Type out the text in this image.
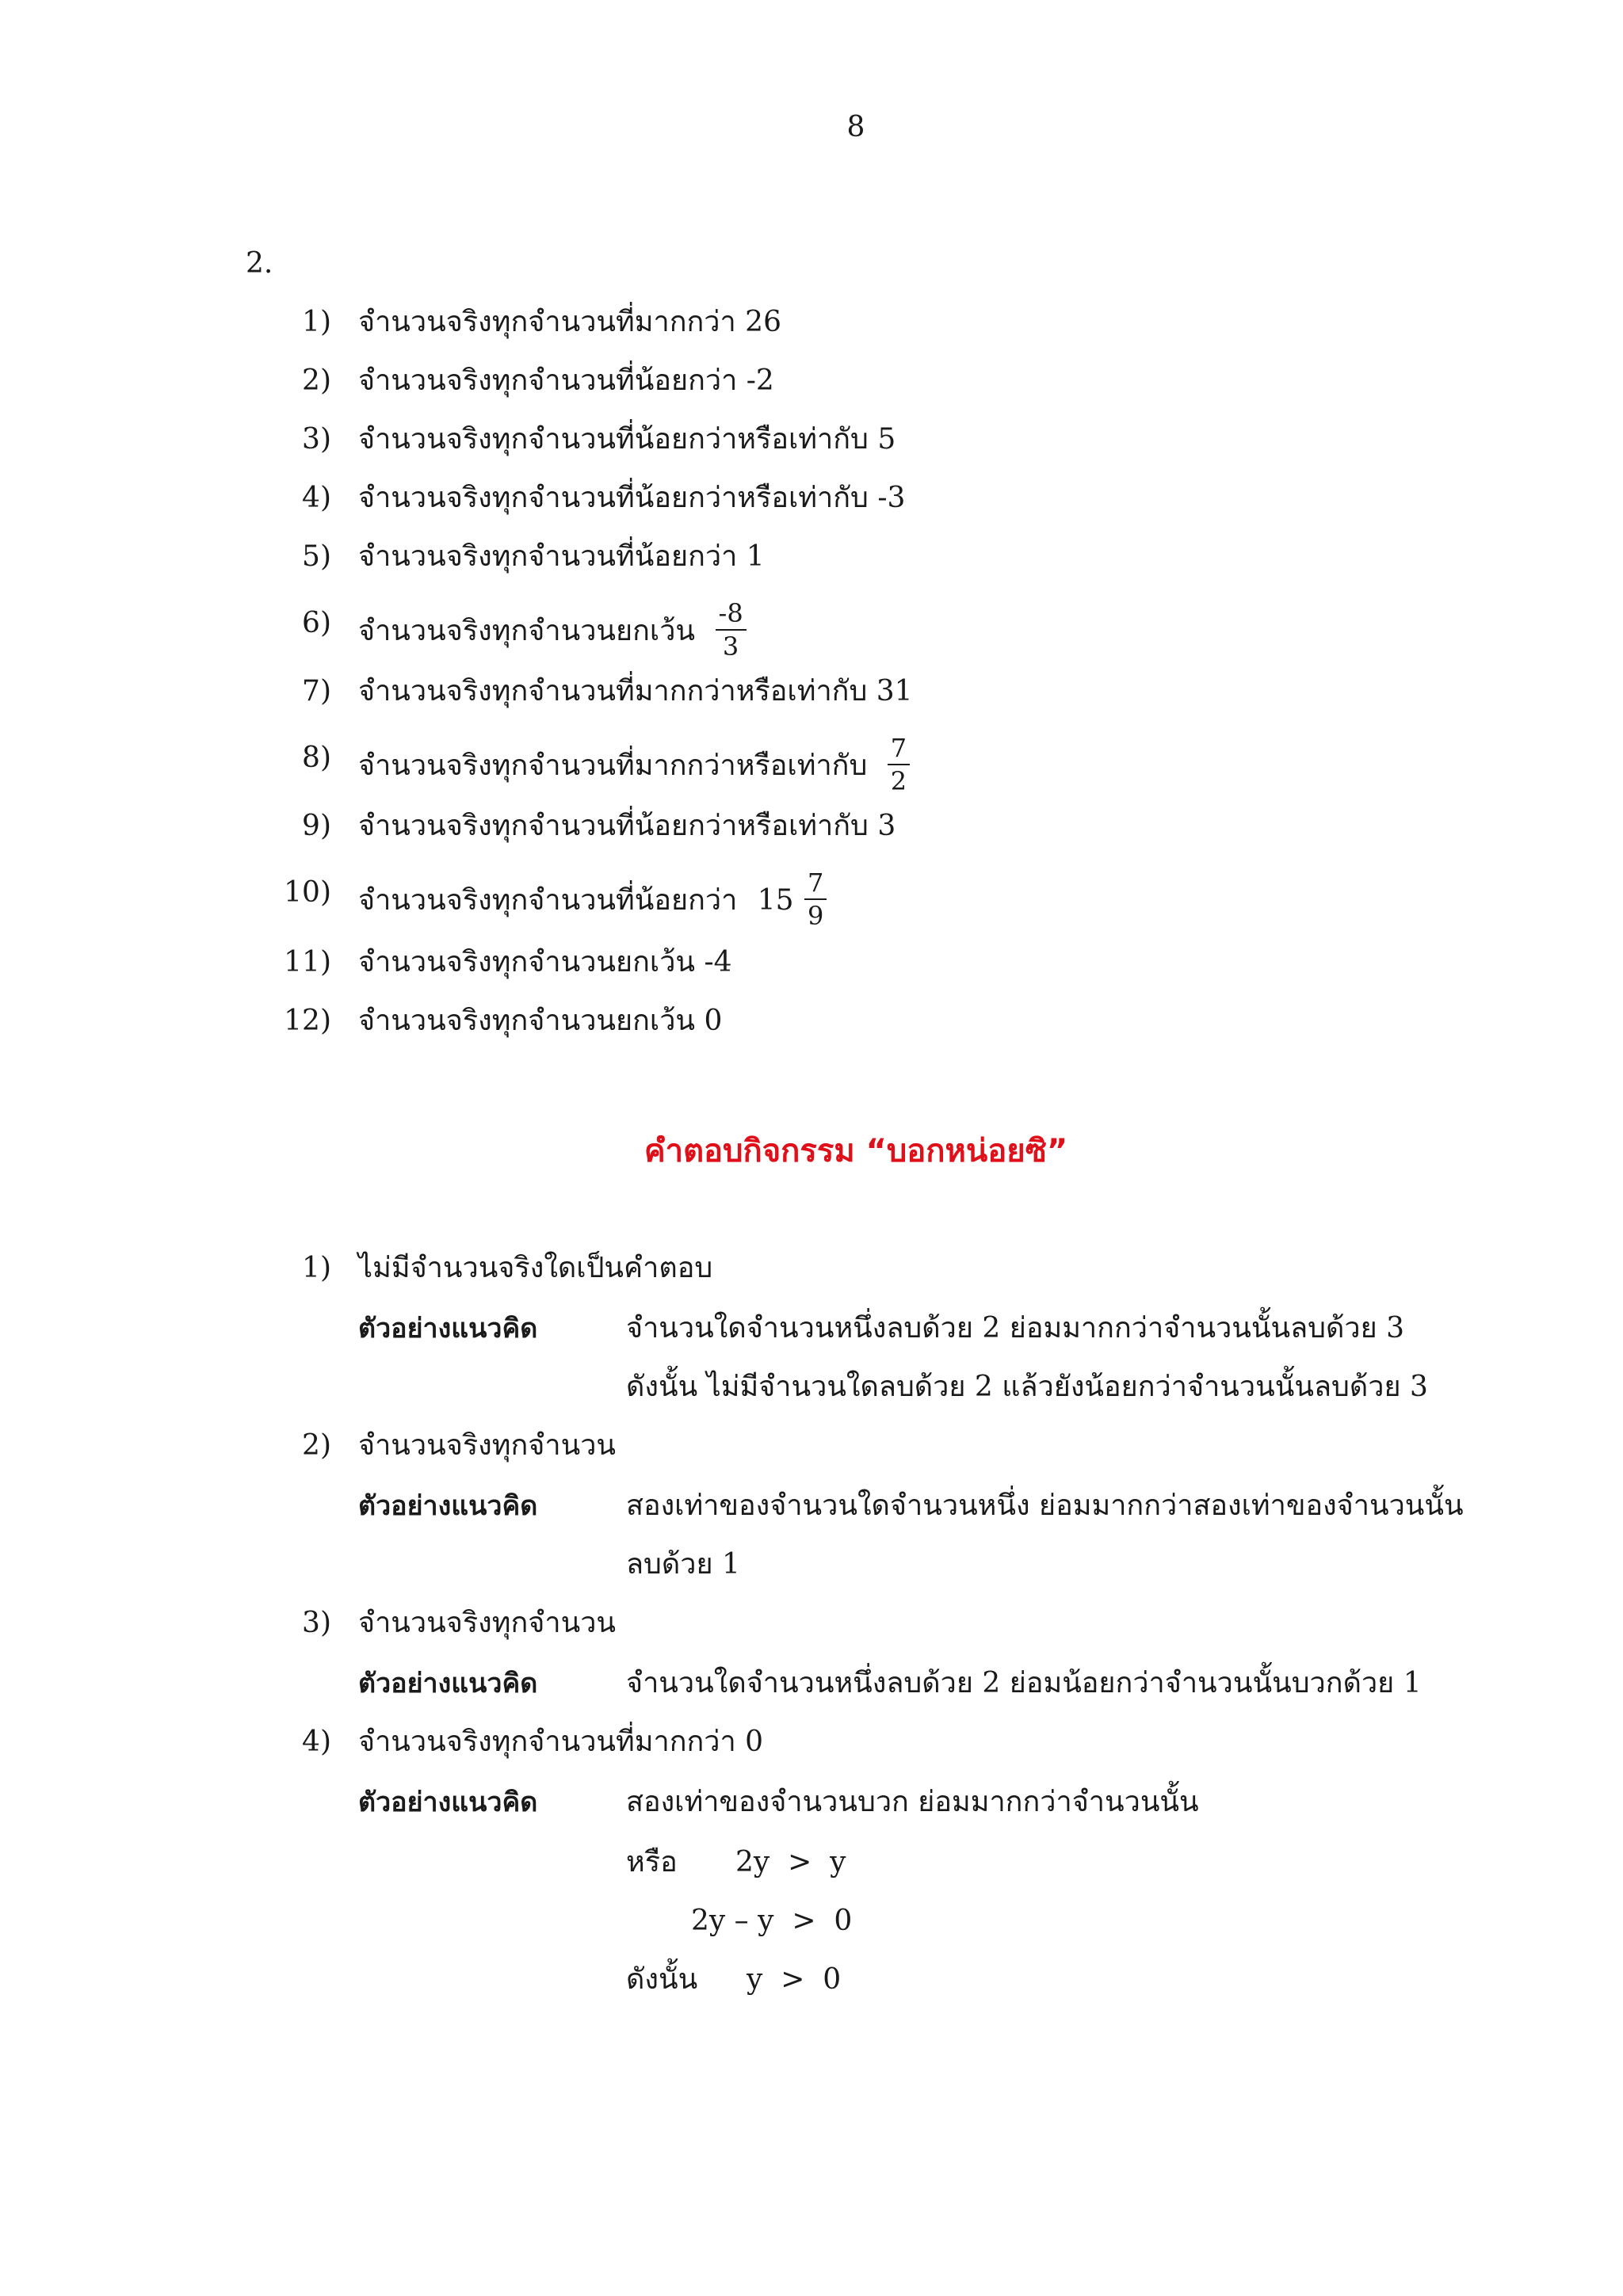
8
2.
1) จำนวนจริงทุกจำนวนที่มากกว่า 26
2) จำนวนจริงทุกจำนวนที่น้อยกว่า -2
3) จำนวนจริงทุกจำนวนที่น้อยกว่าหรือเท่ากับ 5
4) จำนวนจริงทุกจำนวนที่น้อยกว่าหรือเท่ากับ -3
5) จำนวนจริงทุกจำนวนที่น้อยกว่า 1
6) จำนวนจริงทุกจำนวนยกเว้น $\frac{-8}{3}$
7) จำนวนจริงทุกจำนวนที่มากกว่าหรือเท่ากับ 31
8) จำนวนจริงทุกจำนวนที่มากกว่าหรือเท่ากับ $\frac{7}{2}$
9) จำนวนจริงทุกจำนวนที่น้อยกว่าหรือเท่ากับ 3
10) จำนวนจริงทุกจำนวนที่น้อยกว่า $15 \frac{7}{9}$
11) จำนวนจริงทุกจำนวนยกเว้น -4
12) จำนวนจริงทุกจำนวนยกเว้น 0
คำตอบกิจกรรม “บอกหน่อยซิ”
1) ไม่มีจำนวนจริงใดเป็นคำตอบ
ตัวอย่างแนวคิด	จำนวนใดจำนวนหนึ่งลบด้วย 2 ย่อมมากกว่าจำนวนนั้นลบด้วย 3
ดังนั้น ไม่มีจำนวนใดลบด้วย 2 แล้วยังน้อยกว่าจำนวนนั้นลบด้วย 3
2) จำนวนจริงทุกจำนวน
ตัวอย่างแนวคิด	สองเท่าของจำนวนใดจำนวนหนึ่ง ย่อมมากกว่าสองเท่าของจำนวนนั้น
ลบด้วย 1
3) จำนวนจริงทุกจำนวน
ตัวอย่างแนวคิด	จำนวนใดจำนวนหนึ่งลบด้วย 2 ย่อมน้อยกว่าจำนวนนั้นบวกด้วย 1
4) จำนวนจริงทุกจำนวนที่มากกว่า 0
ตัวอย่างแนวคิด	สองเท่าของจำนวนบวก ย่อมมากกว่าจำนวนนั้น
หรือ 2y  >  y
2y – y  >  0
ดังนั้น y  >  0
